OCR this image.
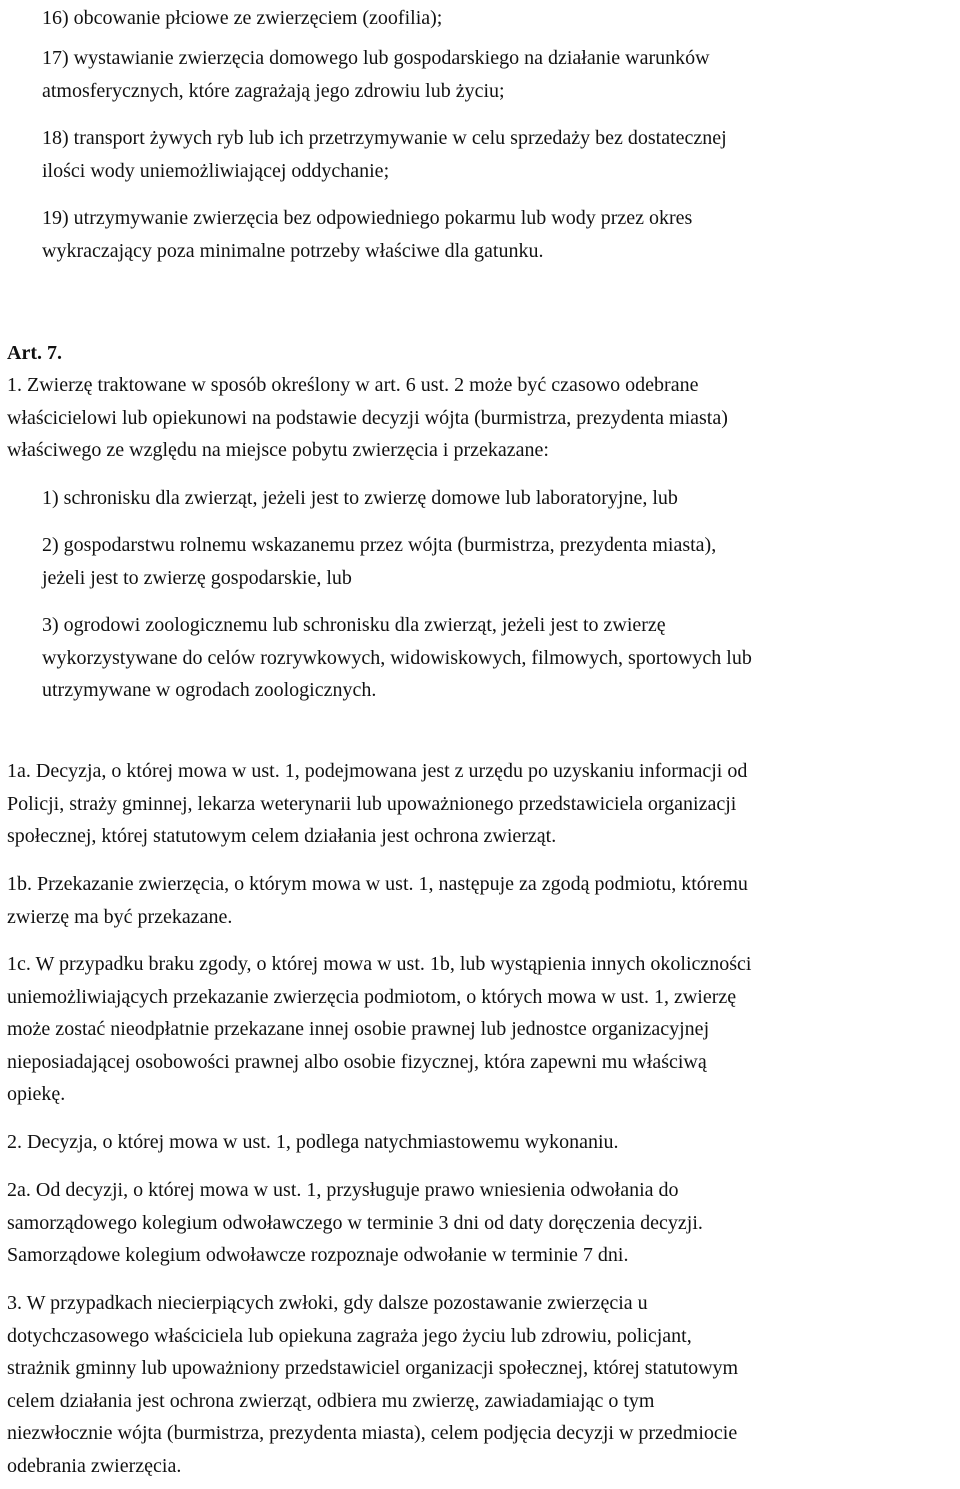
16) obcowanie płciowe ze zwierzęciem (zoofilia);
17) wystawianie zwierzęcia domowego lub gospodarskiego na działanie warunków
atmosferycznych, które zagrażają jego zdrowiu lub życiu;
18) transport żywych ryb lub ich przetrzymywanie w celu sprzedaży bez dostatecznej
ilości wody uniemożliwiającej oddychanie;
19) utrzymywanie zwierzęcia bez odpowiedniego pokarmu lub wody przez okres
wykraczający poza minimalne potrzeby właściwe dla gatunku.
Art. 7.
1. Zwierzę traktowane w sposób określony w art. 6 ust. 2 może być czasowo odebrane
właścicielowi lub opiekunowi na podstawie decyzji wójta (burmistrza, prezydenta miasta)
właściwego ze względu na miejsce pobytu zwierzęcia i przekazane:
1) schronisku dla zwierząt, jeżeli jest to zwierzę domowe lub laboratoryjne, lub
2) gospodarstwu rolnemu wskazanemu przez wójta (burmistrza, prezydenta miasta),
jeżeli jest to zwierzę gospodarskie, lub
3) ogrodowi zoologicznemu lub schronisku dla zwierząt, jeżeli jest to zwierzę
wykorzystywane do celów rozrywkowych, widowiskowych, filmowych, sportowych lub
utrzymywane w ogrodach zoologicznych.
1a. Decyzja, o której mowa w ust. 1, podejmowana jest z urzędu po uzyskaniu informacji od
Policji, straży gminnej, lekarza weterynarii lub upoważnionego przedstawiciela organizacji
społecznej, której statutowym celem działania jest ochrona zwierząt.
1b. Przekazanie zwierzęcia, o którym mowa w ust. 1, następuje za zgodą podmiotu, któremu
zwierzę ma być przekazane.
1c. W przypadku braku zgody, o której mowa w ust. 1b, lub wystąpienia innych okoliczności
uniemożliwiających przekazanie zwierzęcia podmiotom, o których mowa w ust. 1, zwierzę
może zostać nieodpłatnie przekazane innej osobie prawnej lub jednostce organizacyjnej
nieposiadającej osobowości prawnej albo osobie fizycznej, która zapewni mu właściwą
opiekę.
2. Decyzja, o której mowa w ust. 1, podlega natychmiastowemu wykonaniu.
2a. Od decyzji, o której mowa w ust. 1, przysługuje prawo wniesienia odwołania do
samorządowego kolegium odwoławczego w terminie 3 dni od daty doręczenia decyzji.
Samorządowe kolegium odwoławcze rozpoznaje odwołanie w terminie 7 dni.
3. W przypadkach niecierpiących zwłoki, gdy dalsze pozostawanie zwierzęcia u
dotychczasowego właściciela lub opiekuna zagraża jego życiu lub zdrowiu, policjant,
strażnik gminny lub upoważniony przedstawiciel organizacji społecznej, której statutowym
celem działania jest ochrona zwierząt, odbiera mu zwierzę, zawiadamiając o tym
niezwłocznie wójta (burmistrza, prezydenta miasta), celem podjęcia decyzji w przedmiocie
odebrania zwierzęcia.
